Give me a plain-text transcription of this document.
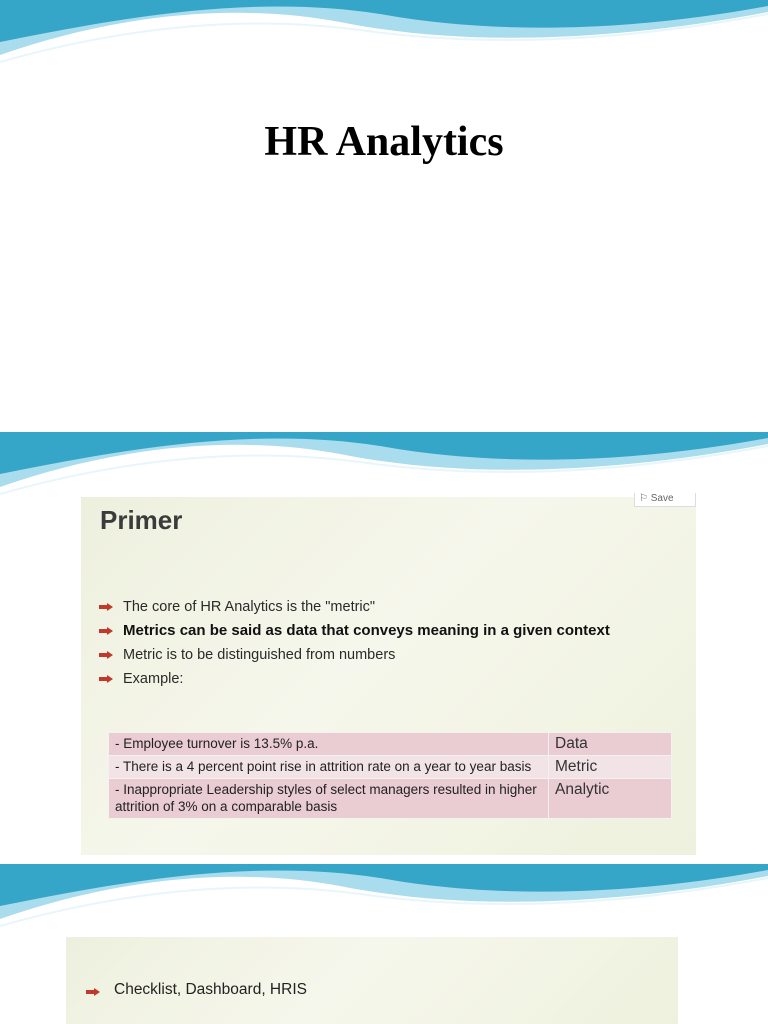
HR Analytics
⚐ Save
Primer
The core of HR Analytics is the "metric"
Metrics can be said as data that conveys meaning in a given context
Metric is to be distinguished from numbers
Example:
- Employee turnover is 13.5% p.a.	Data
- There is a 4 percent point rise in attrition rate on a year to year basis	Metric
- Inappropriate Leadership styles of select managers resulted in higher attrition of 3% on a comparable basis	Analytic
Checklist, Dashboard, HRIS
